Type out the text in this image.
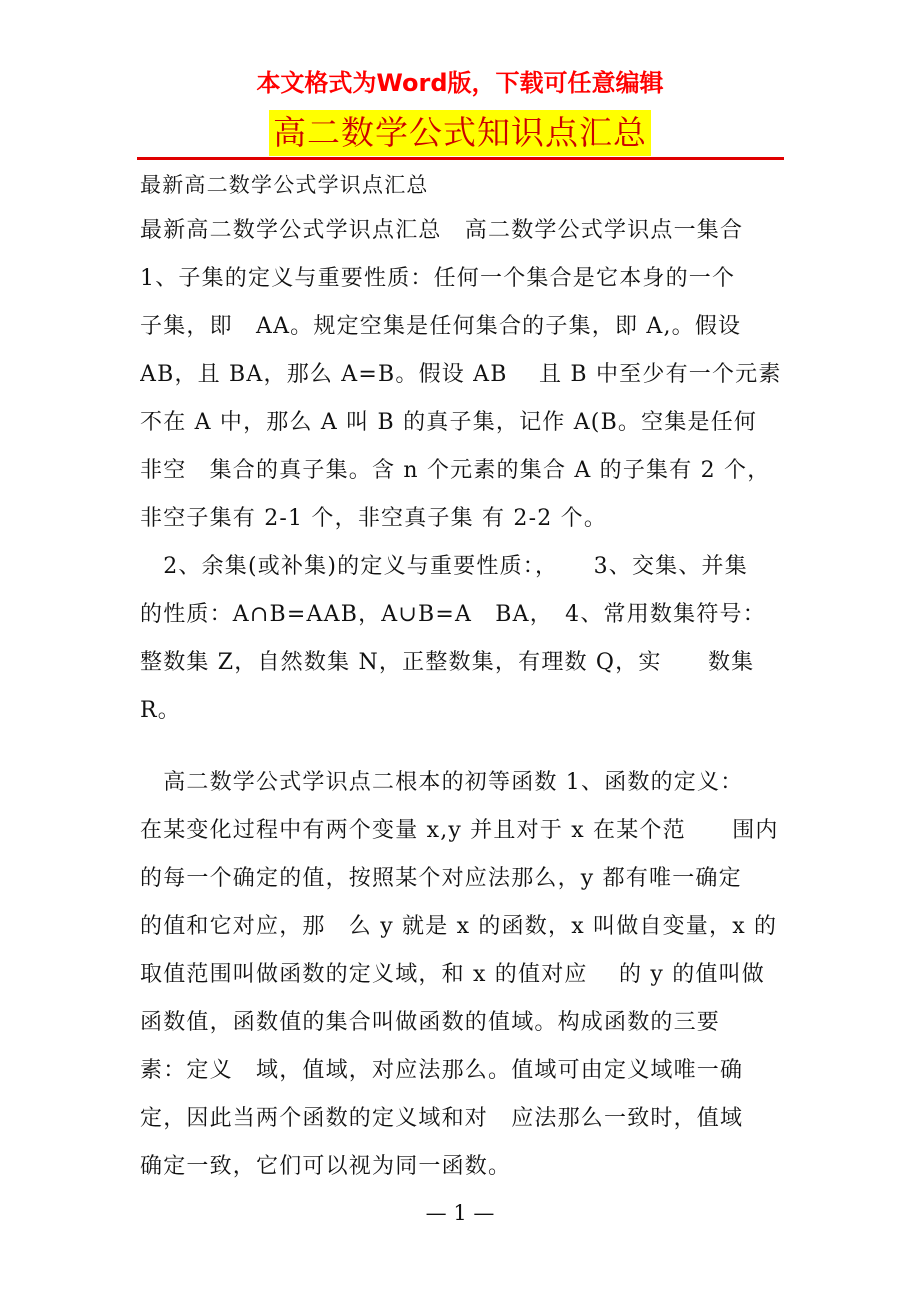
本文格式为Word版，下载可任意编辑
高二数学公式知识点汇总
最新高二数学公式学识点汇总
最新高二数学公式学识点汇总　高二数学公式学识点一集合
1、子集的定义与重要性质：任何一个集合是它本身的一个
子集，即　AA。规定空集是任何集合的子集，即 A,。假设
AB，且 BA，那么 A=B。假设 AB　 且 B 中至少有一个元素
不在 A 中，那么 A 叫 B 的真子集，记作 A(B。空集是任何
非空　集合的真子集。含 n 个元素的集合 A 的子集有 2 个，
非空子集有 2-1 个，非空真子集 有 2-2 个。
　2、余集(或补集)的定义与重要性质：，　　3、交集、并集
的性质：A∩B=AAB，A∪B=A　BA，　4、常用数集符号：
整数集 Z，自然数集 N，正整数集，有理数 Q，实　　数集
R。
　高二数学公式学识点二根本的初等函数 1、函数的定义：
在某变化过程中有两个变量 x,y 并且对于 x 在某个范　　围内
的每一个确定的值，按照某个对应法那么，y 都有唯一确定
的值和它对应，那　么 y 就是 x 的函数，x 叫做自变量，x 的
取值范围叫做函数的定义域，和 x 的值对应　 的 y 的值叫做
函数值，函数值的集合叫做函数的值域。构成函数的三要
素：定义　域，值域，对应法那么。值域可由定义域唯一确
定，因此当两个函数的定义域和对　应法那么一致时，值域
确定一致，它们可以视为同一函数。
— 1 —
